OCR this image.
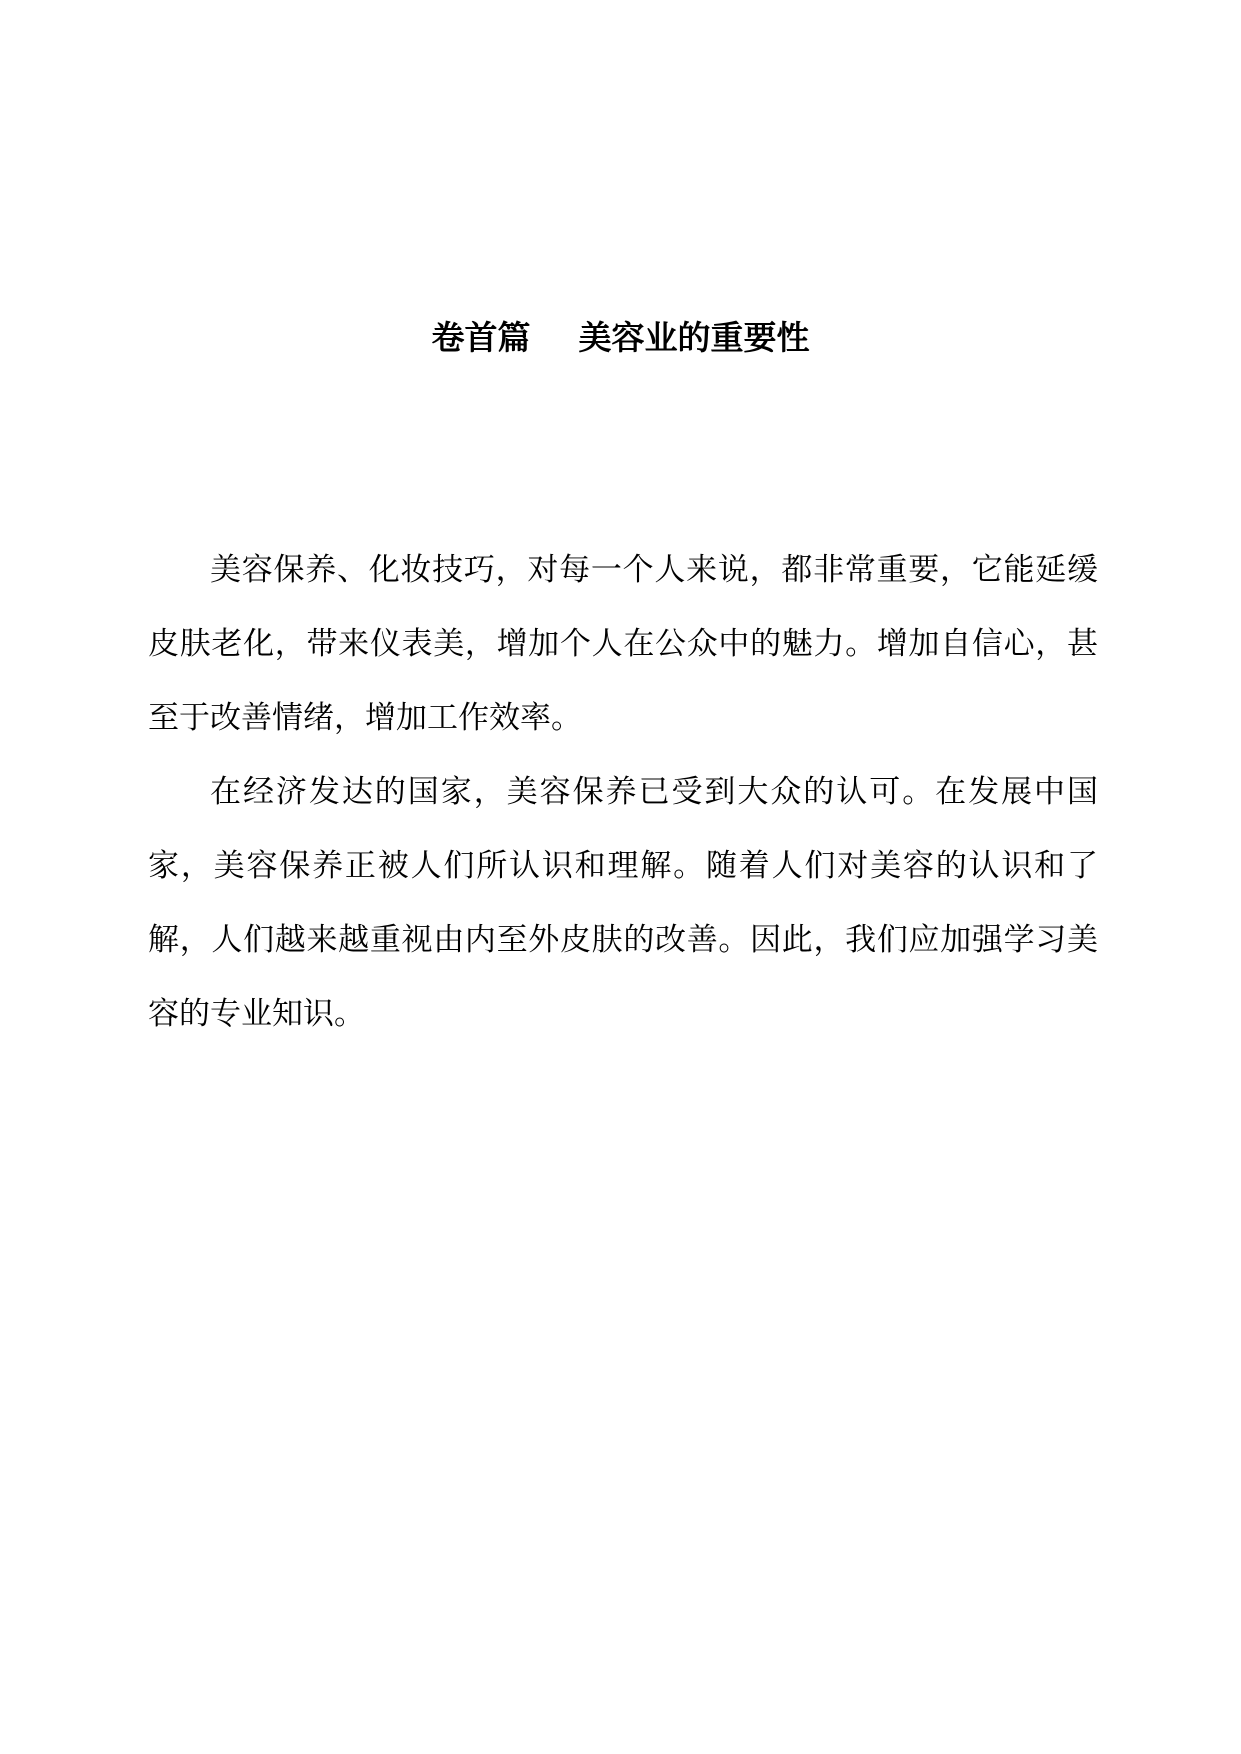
卷首篇 美容业的重要性

美容保养、化妆技巧，对每一个人来说，都非常重要，它能延缓皮肤老化，带来仪表美，增加个人在公众中的魅力。增加自信心，甚至于改善情绪，增加工作效率。

在经济发达的国家，美容保养已受到大众的认可。在发展中国家，美容保养正被人们所认识和理解。随着人们对美容的认识和了解，人们越来越重视由内至外皮肤的改善。因此，我们应加强学习美容的专业知识。
